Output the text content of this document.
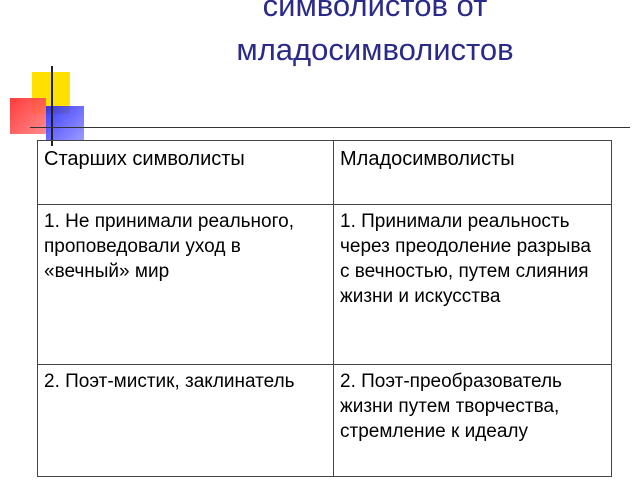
символистов от
младосимволистов
Старших символисты	Младосимволисты

1. Не принимали реального, проповедовали уход в «вечный» мир	1. Принимали реальность через преодоление разрыва с вечностью, путем слияния жизни и искусства
2. Поэт-мистик, заклинатель	2. Поэт-преобразователь жизни путем творчества, стремление к идеалу
